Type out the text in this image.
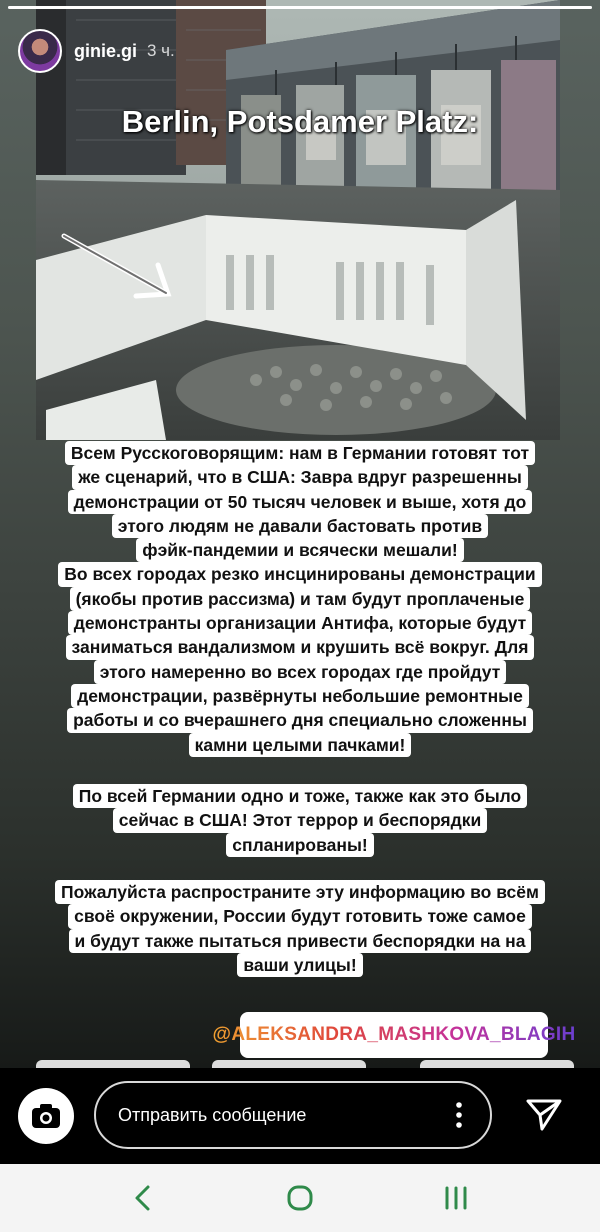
ginie.gi 3 ч.
Berlin, Potsdamer Platz:
Всем Русскоговорящим: нам в Германии готовят тот
же сценарий, что в США: Завра вдруг разрешенны
демонстрации от 50 тысяч человек и выше, хотя до
этого людям не давали бастовать против
фэйк-пандемии и всячески мешали!
Во всех городах резко инсцинированы демонстрации
(якобы против рассизма) и там будут проплаченые
демонстранты организации Антифа, которые будут
заниматься вандализмом и крушить всё вокруг. Для
этого намеренно во всех городах где пройдут
демонстрации, развёрнуты небольшие ремонтные
работы и со вчерашнего дня специально сложенны
камни целыми пачками!
По всей Германии одно и тоже, также как это было
сейчас в США! Этот террор и беспорядки
спланированы!
Пожалуйста распространите эту информацию во всём
своё окружении, России будут готовить тоже самое
и будут также пытаться привести беспорядки на на
ваши улицы!
@ALEKSANDRA_MASHKOVA_BLAGIH
Отправить сообщение
